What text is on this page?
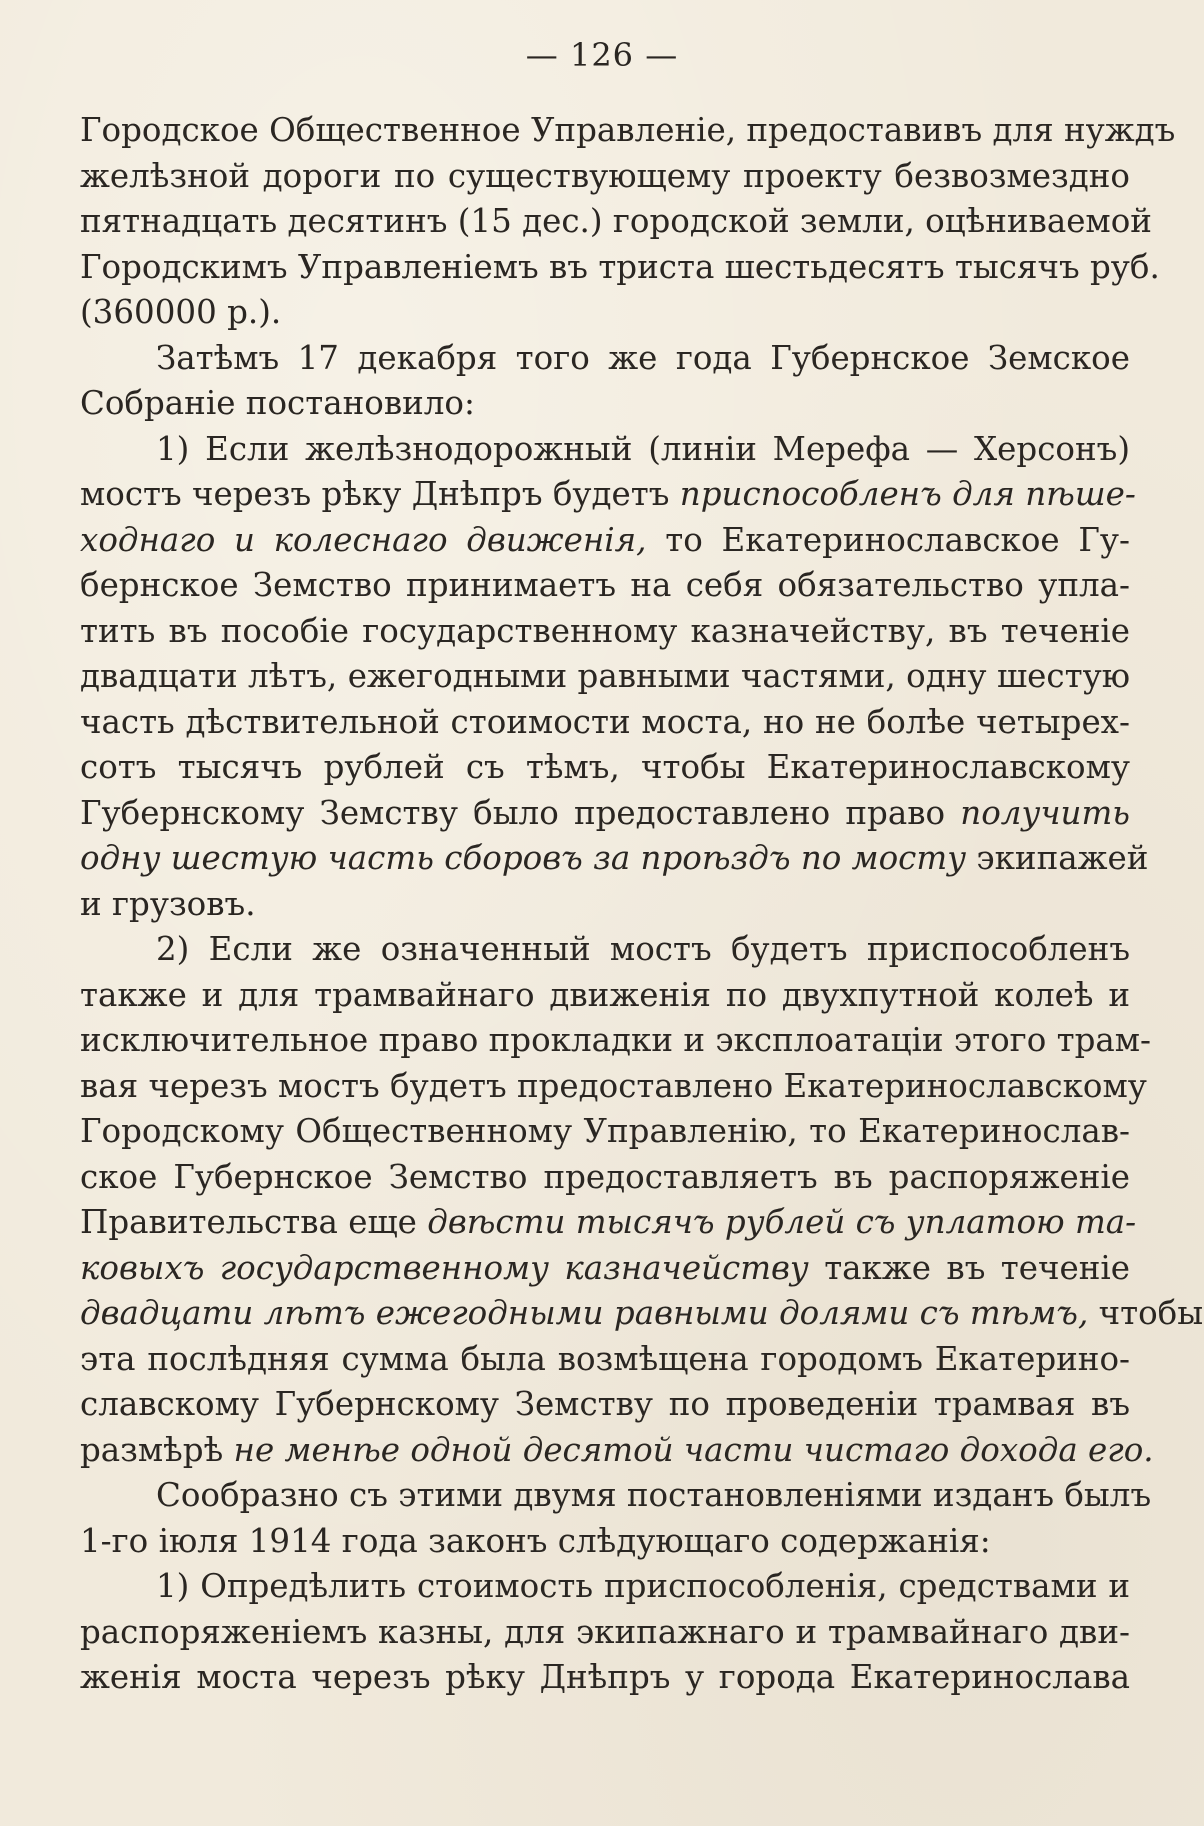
— 126 —
Городское Общественное Управленіе, предоставивъ для нуждъ
желѣзной дороги по существующему проекту безвозмездно
пятнадцать десятинъ (15 дес.) городской земли, оцѣниваемой
Городскимъ Управленіемъ въ триста шестьдесятъ тысячъ руб.
(360000 р.).
Затѣмъ 17 декабря того же года Губернское Земское
Собраніе постановило:
1) Если желѣзнодорожный (линіи Мерефа — Херсонъ)
мостъ черезъ рѣку Днѣпръ будетъ приспособленъ для пѣше-
ходнаго и колеснаго движенія, то Екатеринославское Гу-
бернское Земство принимаетъ на себя обязательство упла-
тить въ пособіе государственному казначейству, въ теченіе
двадцати лѣтъ, ежегодными равными частями, одну шестую
часть дѣствительной стоимости моста, но не болѣе четырех-
сотъ тысячъ рублей съ тѣмъ, чтобы Екатеринославскому
Губернскому Земству было предоставлено право получить
одну шестую часть сборовъ за проѣздъ по мосту экипажей
и грузовъ.
2) Если же означенный мостъ будетъ приспособленъ
также и для трамвайнаго движенія по двухпутной колеѣ и
исключительное право прокладки и эксплоатаціи этого трам-
вая черезъ мостъ будетъ предоставлено Екатеринославскому
Городскому Общественному Управленію, то Екатеринослав-
ское Губернское Земство предоставляетъ въ распоряженіе
Правительства еще двѣсти тысячъ рублей съ уплатою та-
ковыхъ государственному казначейству также въ теченіе
двадцати лѣтъ ежегодными равными долями съ тѣмъ, чтобы
эта послѣдняя сумма была возмѣщена городомъ Екатерино-
славскому Губернскому Земству по проведеніи трамвая въ
размѣрѣ не менѣе одной десятой части чистаго дохода его.
Сообразно съ этими двумя постановленіями изданъ былъ
1-го іюля 1914 года законъ слѣдующаго содержанія:
1) Опредѣлить стоимость приспособленія, средствами и
распоряженіемъ казны, для экипажнаго и трамвайнаго дви-
женія моста черезъ рѣку Днѣпръ у города Екатеринослава
